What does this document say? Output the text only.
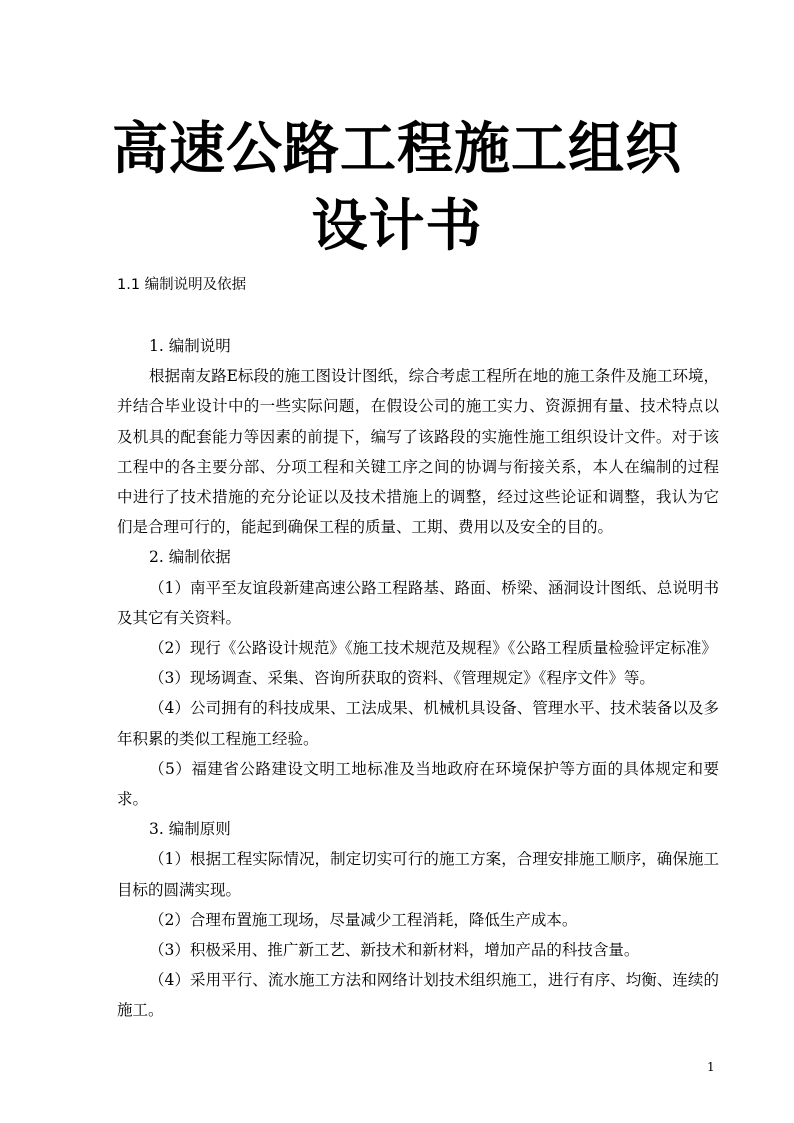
高速公路工程施工组织
设计书
1.1 编制说明及依据

1. 编制说明

根据南友路E标段的施工图设计图纸，综合考虑工程所在地的施工条件及施工环境，并结合毕业设计中的一些实际问题，在假设公司的施工实力、资源拥有量、技术特点以及机具的配套能力等因素的前提下，编写了该路段的实施性施工组织设计文件。对于该工程中的各主要分部、分项工程和关键工序之间的协调与衔接关系，本人在编制的过程中进行了技术措施的充分论证以及技术措施上的调整，经过这些论证和调整，我认为它们是合理可行的，能起到确保工程的质量、工期、费用以及安全的目的。

2. 编制依据

（1）南平至友谊段新建高速公路工程路基、路面、桥梁、涵洞设计图纸、总说明书及其它有关资料。

（2）现行《公路设计规范》《施工技术规范及规程》《公路工程质量检验评定标准》

（3）现场调查、采集、咨询所获取的资料、《管理规定》《程序文件》等。

（4）公司拥有的科技成果、工法成果、机械机具设备、管理水平、技术装备以及多年积累的类似工程施工经验。

（5）福建省公路建设文明工地标准及当地政府在环境保护等方面的具体规定和要求。

3. 编制原则

（1）根据工程实际情况，制定切实可行的施工方案，合理安排施工顺序，确保施工目标的圆满实现。

（2）合理布置施工现场，尽量减少工程消耗，降低生产成本。

（3）积极采用、推广新工艺、新技术和新材料，增加产品的科技含量。

（4）采用平行、流水施工方法和网络计划技术组织施工，进行有序、均衡、连续的施工。

1
